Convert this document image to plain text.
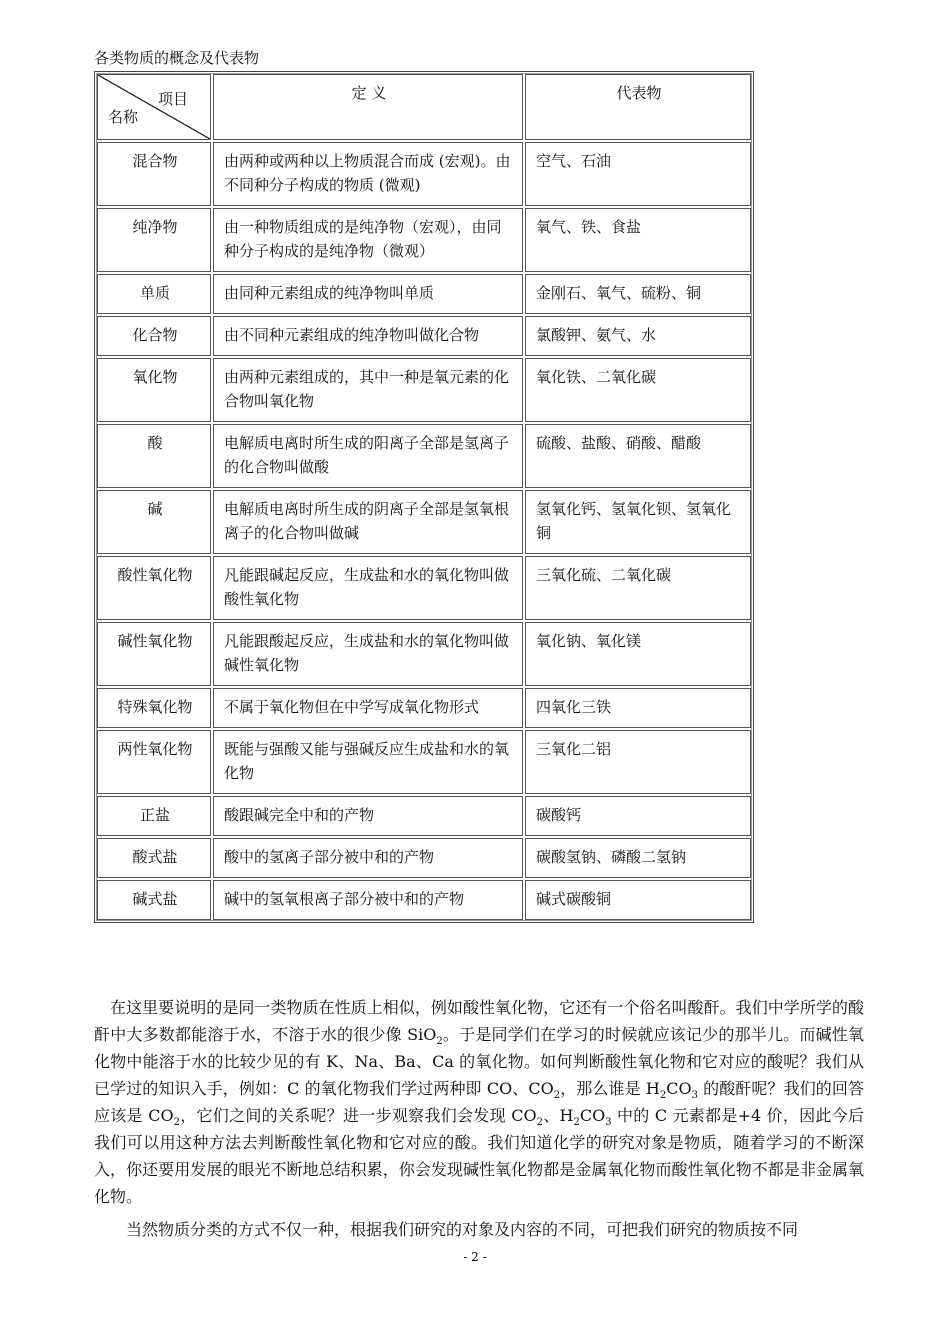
各类物质的概念及代表物
项目
名称	定 义	代表物
混合物	由两种或两种以上物质混合而成 (宏观)。由不同种分子构成的物质 (微观)	空气、石油
纯净物	由一种物质组成的是纯净物（宏观），由同种分子构成的是纯净物（微观）	氧气、铁、食盐
单质	由同种元素组成的纯净物叫单质	金刚石、氧气、硫粉、铜
化合物	由不同种元素组成的纯净物叫做化合物	氯酸钾、氨气、水
氧化物	由两种元素组成的，其中一种是氧元素的化合物叫氧化物	氧化铁、二氧化碳
酸	电解质电离时所生成的阳离子全部是氢离子的化合物叫做酸	硫酸、盐酸、硝酸、醋酸
碱	电解质电离时所生成的阴离子全部是氢氧根离子的化合物叫做碱	氢氧化钙、氢氧化钡、氢氧化铜
酸性氧化物	凡能跟碱起反应，生成盐和水的氧化物叫做酸性氧化物	三氧化硫、二氧化碳
碱性氧化物	凡能跟酸起反应，生成盐和水的氧化物叫做碱性氧化物	氧化钠、氧化镁
特殊氧化物	不属于氧化物但在中学写成氧化物形式	四氧化三铁
两性氧化物	既能与强酸又能与强碱反应生成盐和水的氧化物	三氧化二铝
正盐	酸跟碱完全中和的产物	碳酸钙
酸式盐	酸中的氢离子部分被中和的产物	碳酸氢钠、磷酸二氢钠
碱式盐	碱中的氢氧根离子部分被中和的产物	碱式碳酸铜
　在这里要说明的是同一类物质在性质上相似，例如酸性氧化物，它还有一个俗名叫酸酐。我们中学所学的酸酐中大多数都能溶于水，不溶于水的很少像 SiO$_2$。于是同学们在学习的时候就应该记少的那半儿。而碱性氧化物中能溶于水的比较少见的有 K、Na、Ba、Ca 的氧化物。如何判断酸性氧化物和它对应的酸呢？我们从已学过的知识入手，例如：C 的氧化物我们学过两种即 CO、$CO_2$，那么谁是 $H_2CO_3$ 的酸酐呢？我们的回答应该是 $CO_2$，它们之间的关系呢？进一步观察我们会发现 $CO_2$、$H_2CO_3$ 中的 C 元素都是+4 价，因此今后我们可以用这种方法去判断酸性氧化物和它对应的酸。我们知道化学的研究对象是物质，随着学习的不断深入，你还要用发展的眼光不断地总结积累，你会发现碱性氧化物都是金属氧化物而酸性氧化物不都是非金属氧化物。
　　当然物质分类的方式不仅一种，根据我们研究的对象及内容的不同，可把我们研究的物质按不同
- 2 -
